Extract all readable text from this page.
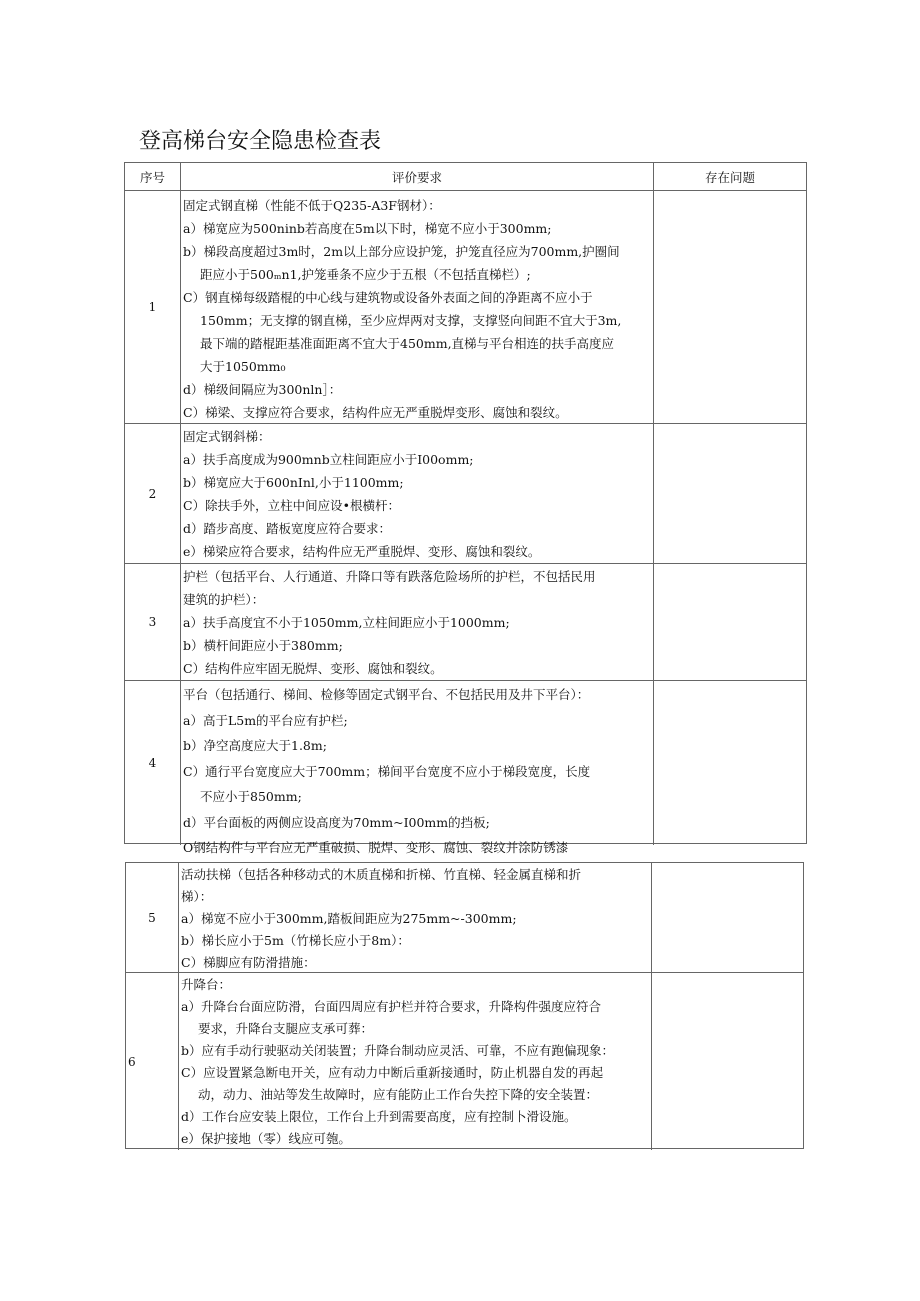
登高梯台安全隐患检查表
序号	评价要求	存在问题
1
固定式钢直梯（性能不低于Q235-A3F钢材）：
a）梯宽应为500ninb若高度在5m以下时，梯宽不应小于300mm;
b）梯段高度超过3m时，2m以上部分应设护笼，护笼直径应为700mm,护圈间
距应小于500ₘn1,护笼垂条不应少于五根（不包括直梯栏）;
C）钢直梯每级踏棍的中心线与建筑物或设备外表面之间的净距离不应小于
150mm；无支撑的钢直梯，至少应焊两对支撑，支撑竖向间距不宜大于3m,
最下端的踏棍距基准面距离不宜大于450mm,直梯与平台相连的扶手高度应
大于1050mm₀
d）梯级间隔应为300nln］：
C）梯梁、支撑应符合要求，结构件应无严重脱焊变形、腐蚀和裂纹。
2
固定式钢斜梯：
a）扶手高度成为900mnb立柱间距应小于I00omm;
b）梯宽应大于600nInl,小于1100mm;
C）除扶手外，立柱中间应设•根横杆：
d）踏步高度、踏板宽度应符合要求：
e）梯梁应符合要求，结构件应无严重脱焊、变形、腐蚀和裂纹。
3
护栏（包括平台、人行通道、升降口等有跌落危险场所的护栏，不包括民用
建筑的护栏）：
a）扶手高度宜不小于1050mm,立柱间距应小于1000mm;
b）横杆间距应小于380mm;
C）结构件应牢固无脱焊、变形、腐蚀和裂纹。
4
平台（包括通行、梯间、检修等固定式钢平台、不包括民用及井下平台）：
a）高于L5m的平台应有护栏;
b）净空高度应大于1.8m;
C）通行平台宽度应大于700mm；梯间平台宽度不应小于梯段宽度，长度
不应小于850mm;
d）平台面板的两侧应设高度为70mm~I00mm的挡板;
O钢结构件与平台应无严重破损、脱焊、变形、腐蚀、裂纹并涂防锈漆
5
活动扶梯（包括各种移动式的木质直梯和折梯、竹直梯、轻金属直梯和折
梯）：
a）梯宽不应小于300mm,踏板间距应为275mm~-300mm;
b）梯长应小于5m（竹梯长应小于8m）：
C）梯脚应有防滑措施：
6
升降台：
a）升降台台面应防滑，台面四周应有护栏并符合要求，升降构件强度应符合
要求，升降台支腿应支承可葬：
b）应有手动行驶驱动关闭装置；升降台制动应灵活、可靠，不应有跑偏现象：
C）应设置紧急断电开关，应有动力中断后重新接通时，防止机器自发的再起
动，动力、油站等发生故障时，应有能防止工作台失控下降的安全装置：
d）工作台应安装上限位，工作台上升到需要高度，应有控制卜滑设施。
e）保护接地（零）线应可匏。
